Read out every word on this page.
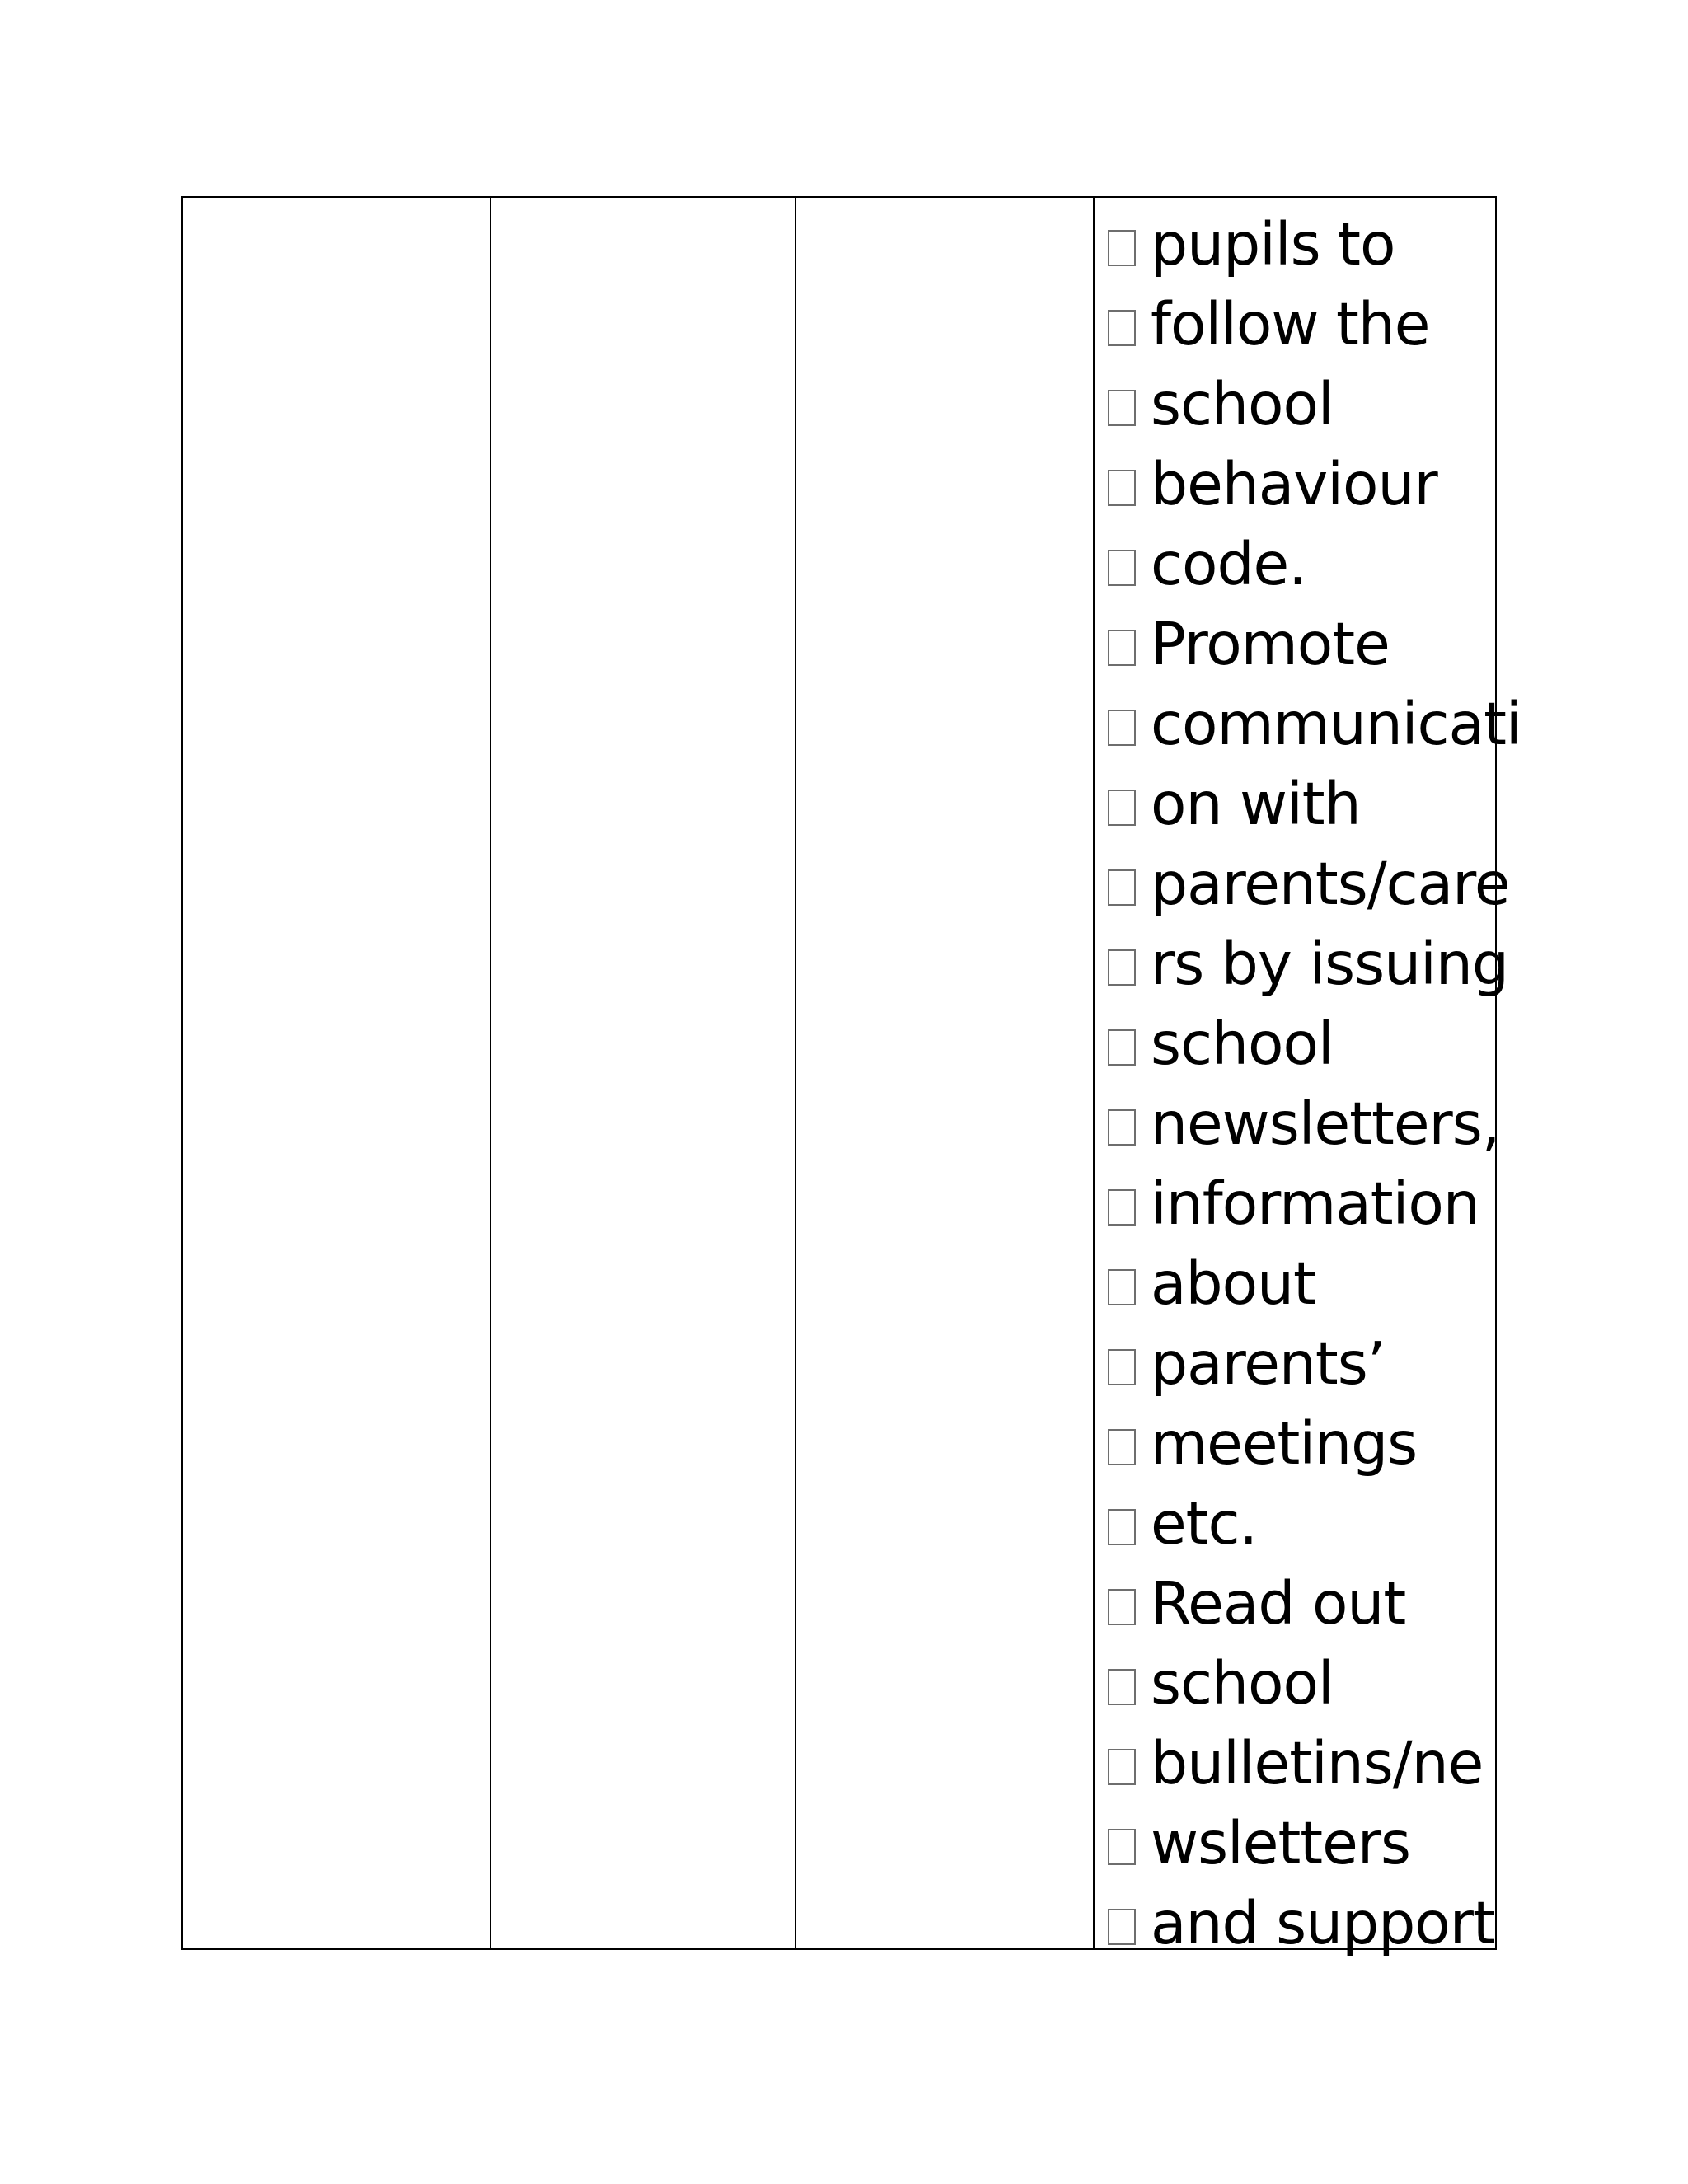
pupils to
follow the
school
behaviour
code.
Promote
communicati
on with
parents/care
rs by issuing
school
newsletters,
information
about
parents’
meetings
etc.
Read out
school
bulletins/ne
wsletters
and support
